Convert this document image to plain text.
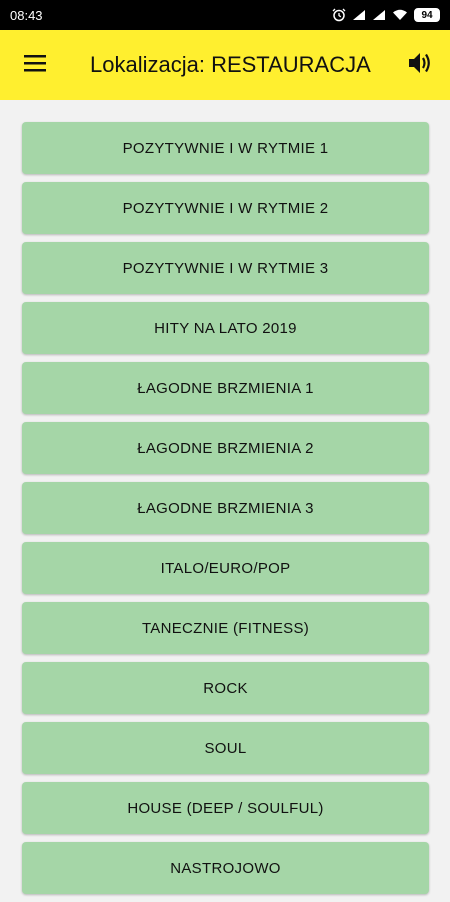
08:43	94
Lokalizacja: RESTAURACJA
POZYTYWNIE I W RYTMIE 1
POZYTYWNIE I W RYTMIE 2
POZYTYWNIE I W RYTMIE 3
HITY NA LATO 2019
ŁAGODNE BRZMIENIA 1
ŁAGODNE BRZMIENIA 2
ŁAGODNE BRZMIENIA 3
ITALO/EURO/POP
TANECZNIE (FITNESS)
ROCK
SOUL
HOUSE (DEEP / SOULFUL)
NASTROJOWO
